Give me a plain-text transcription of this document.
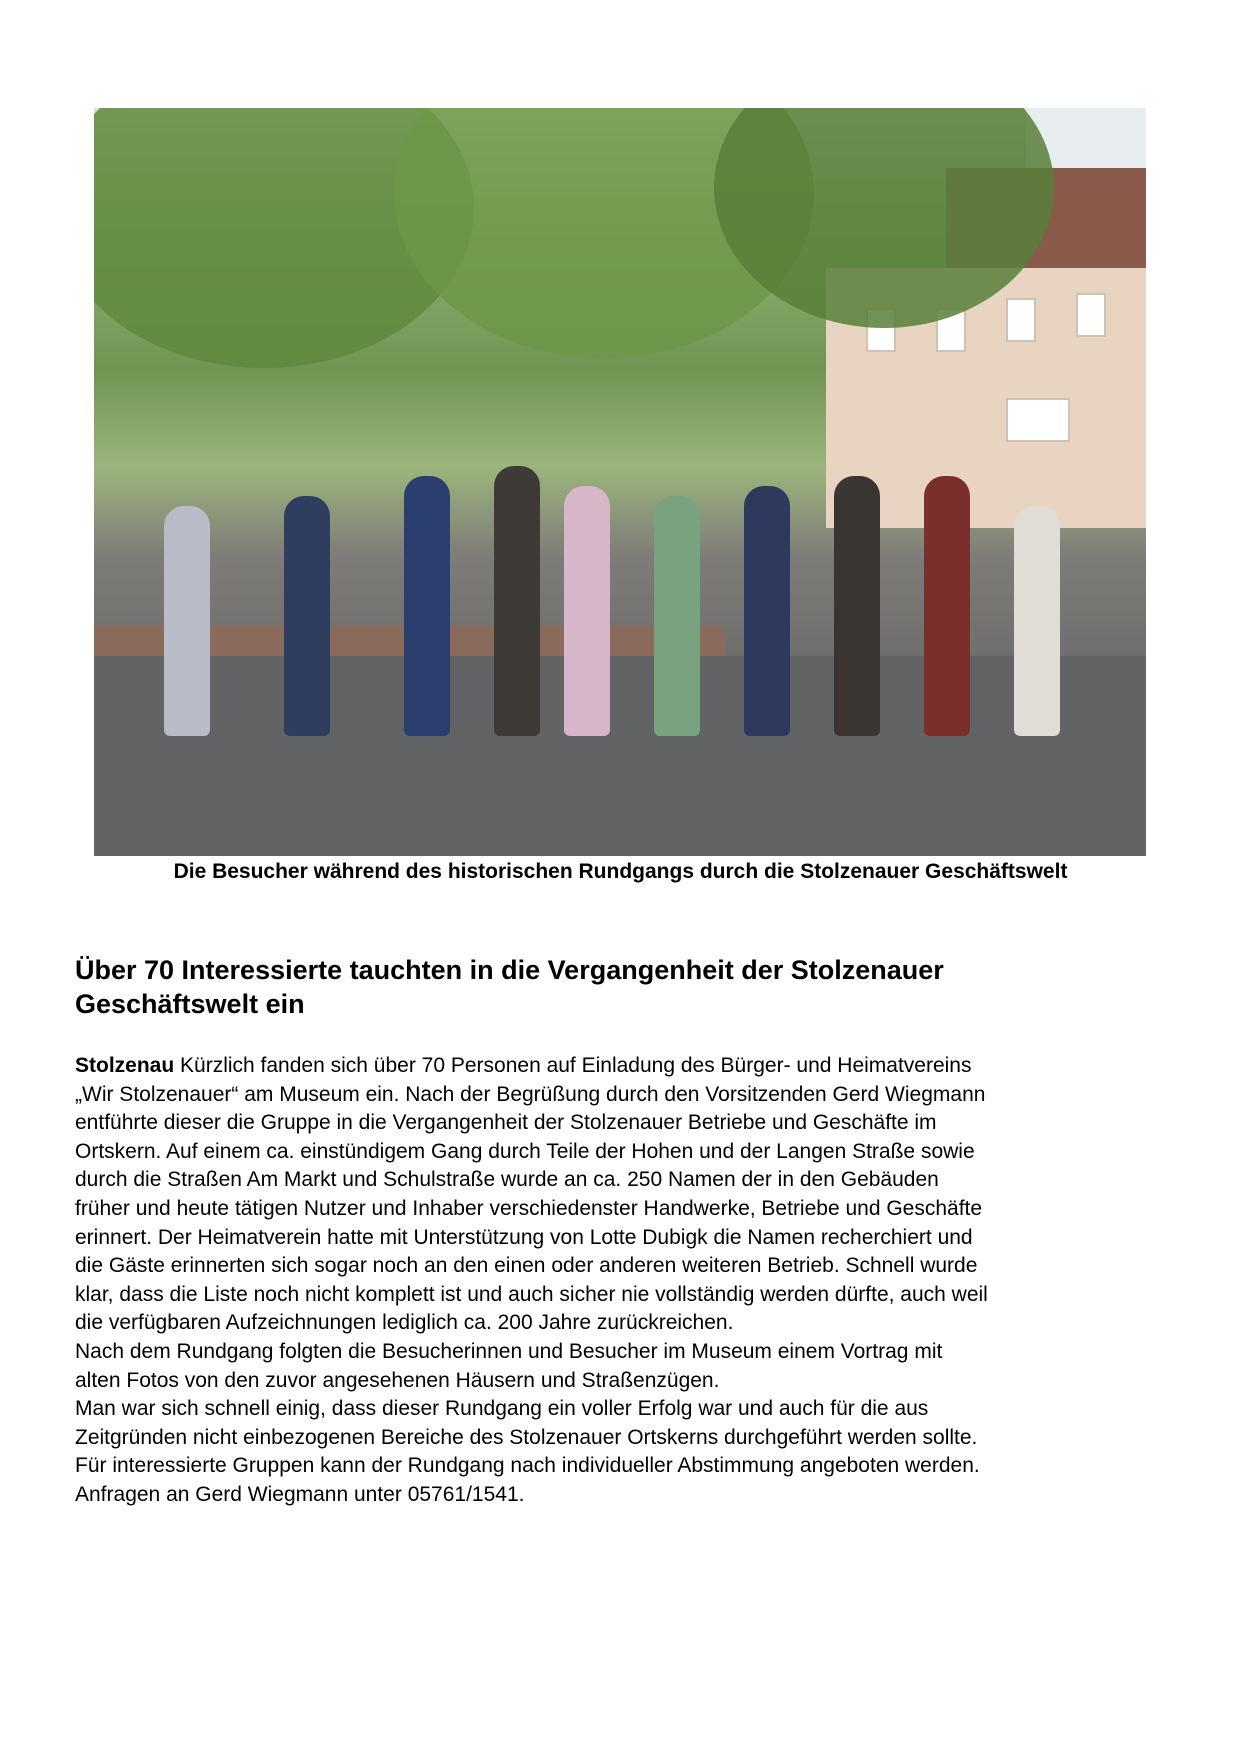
Die Besucher während des historischen Rundgangs durch die Stolzenauer Geschäftswelt
Über 70 Interessierte tauchten in die Vergangenheit der Stolzenauer
Geschäftswelt ein
Stolzenau Kürzlich fanden sich über 70 Personen auf Einladung des Bürger- und Heimatvereins
„Wir Stolzenauer“ am Museum ein. Nach der Begrüßung durch den Vorsitzenden Gerd Wiegmann
entführte dieser die Gruppe in die Vergangenheit der Stolzenauer Betriebe und Geschäfte im
Ortskern. Auf einem ca. einstündigem Gang durch Teile der Hohen und der Langen Straße sowie
durch die Straßen Am Markt und Schulstraße wurde an ca. 250 Namen der in den Gebäuden
früher und heute tätigen Nutzer und Inhaber verschiedenster Handwerke, Betriebe und Geschäfte
erinnert. Der Heimatverein hatte mit Unterstützung von Lotte Dubigk die Namen recherchiert und
die Gäste erinnerten sich sogar noch an den einen oder anderen weiteren Betrieb. Schnell wurde
klar, dass die Liste noch nicht komplett ist und auch sicher nie vollständig werden dürfte, auch weil
die verfügbaren Aufzeichnungen lediglich ca. 200 Jahre zurückreichen.
Nach dem Rundgang folgten die Besucherinnen und Besucher im Museum einem Vortrag mit
alten Fotos von den zuvor angesehenen Häusern und Straßenzügen.
Man war sich schnell einig, dass dieser Rundgang ein voller Erfolg war und auch für die aus
Zeitgründen nicht einbezogenen Bereiche des Stolzenauer Ortskerns durchgeführt werden sollte.
Für interessierte Gruppen kann der Rundgang nach individueller Abstimmung angeboten werden.
Anfragen an Gerd Wiegmann unter 05761/1541.
